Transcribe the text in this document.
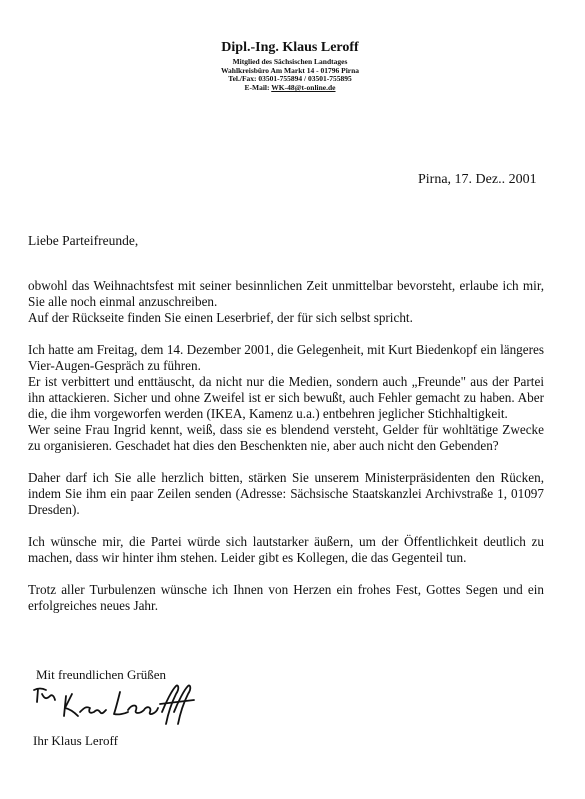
Dipl.-Ing. Klaus Leroff
Mitglied des Sächsischen Landtages
Wahlkreisbüro Am Markt 14 - 01796 Pirna
Tel./Fax: 03501-755894 / 03501-755895
E-Mail: WK-48@t-online.de
Pirna, 17. Dez.. 2001
Liebe Parteifreunde,

obwohl das Weihnachtsfest mit seiner besinnlichen Zeit unmittelbar bevorsteht, erlaube ich mir, Sie alle noch einmal anzuschreiben.

Auf der Rückseite finden Sie einen Leserbrief, der für sich selbst spricht.

Ich hatte am Freitag, dem 14. Dezember 2001, die Gelegenheit, mit Kurt Biedenkopf ein längeres Vier-Augen-Gespräch zu führen.

Er ist verbittert und enttäuscht, da nicht nur die Medien, sondern auch „Freunde" aus der Partei ihn attackieren. Sicher und ohne Zweifel ist er sich bewußt, auch Fehler gemacht zu haben. Aber die, die ihm vorgeworfen werden (IKEA, Kamenz u.a.) entbehren jeglicher Stichhaltigkeit.

Wer seine Frau Ingrid kennt, weiß, dass sie es blendend versteht, Gelder für wohltätige Zwecke zu organisieren. Geschadet hat dies den Beschenkten nie, aber auch nicht den Gebenden?

Daher darf ich Sie alle herzlich bitten, stärken Sie unserem Ministerpräsidenten den Rücken, indem Sie ihm ein paar Zeilen senden (Adresse: Sächsische Staatskanzlei Archivstraße 1, 01097 Dresden).

Ich wünsche mir, die Partei würde sich lautstarker äußern, um der Öffentlichkeit deutlich zu machen, dass wir hinter ihm stehen. Leider gibt es Kollegen, die das Gegenteil tun.

Trotz aller Turbulenzen wünsche ich Ihnen von Herzen ein frohes Fest, Gottes Segen und ein erfolgreiches neues Jahr.

Mit freundlichen Grüßen
Ihr Klaus Leroff
